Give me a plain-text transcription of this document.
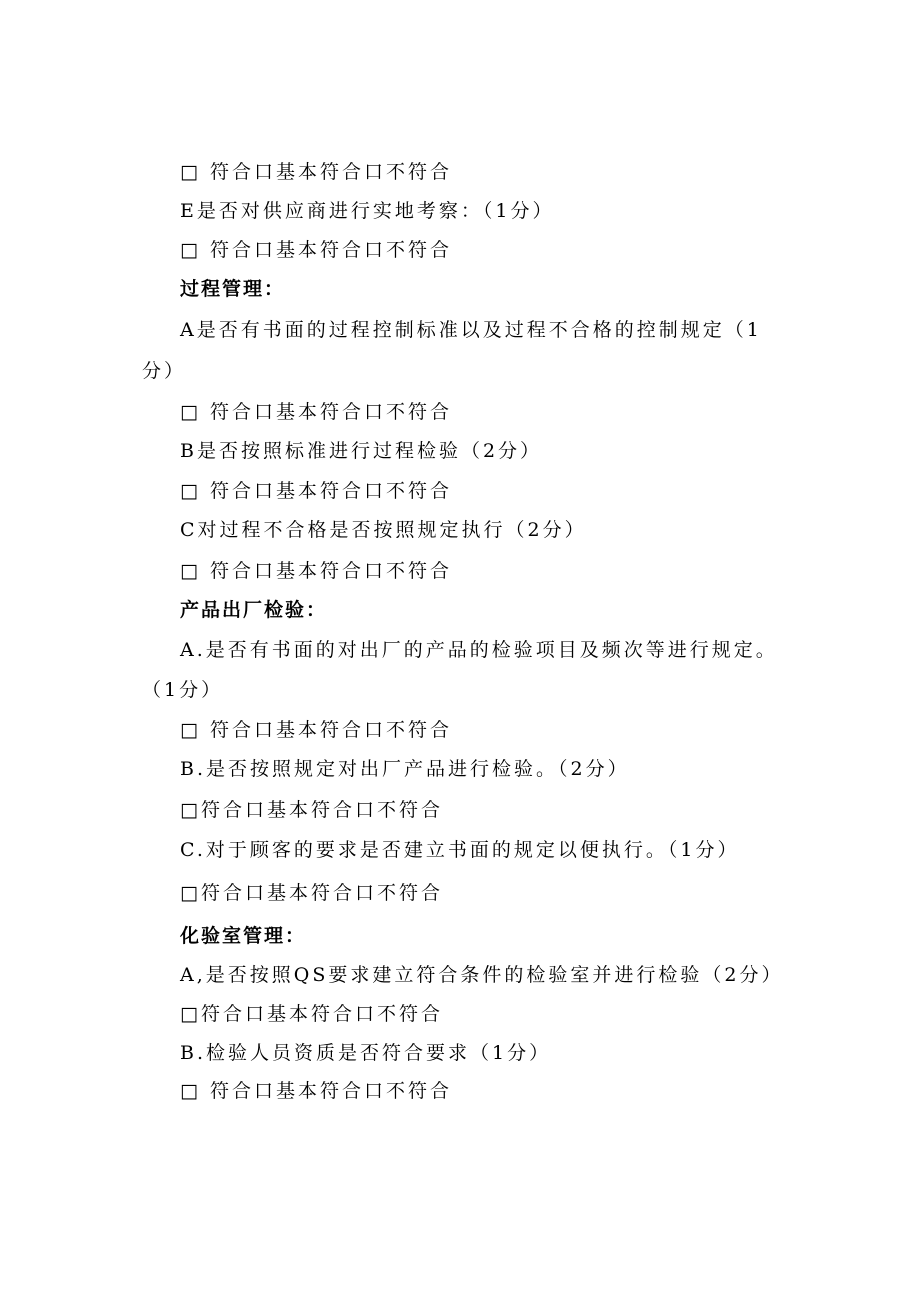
□ 符合口基本符合口不符合
E是否对供应商进行实地考察：（1分）
□ 符合口基本符合口不符合
过程管理：
A是否有书面的过程控制标准以及过程不合格的控制规定（1
分）
□ 符合口基本符合口不符合
B是否按照标准进行过程检验（2分）
□ 符合口基本符合口不符合
C对过程不合格是否按照规定执行（2分）
□ 符合口基本符合口不符合
产品出厂检验：
A.是否有书面的对出厂的产品的检验项目及频次等进行规定。
（1分）
□ 符合口基本符合口不符合
B.是否按照规定对出厂产品进行检验。（2分）
□符合口基本符合口不符合
C.对于顾客的要求是否建立书面的规定以便执行。（1分）
□符合口基本符合口不符合
化验室管理：
A,是否按照QS要求建立符合条件的检验室并进行检验（2分）
□符合口基本符合口不符合
B.检验人员资质是否符合要求（1分）
□ 符合口基本符合口不符合
